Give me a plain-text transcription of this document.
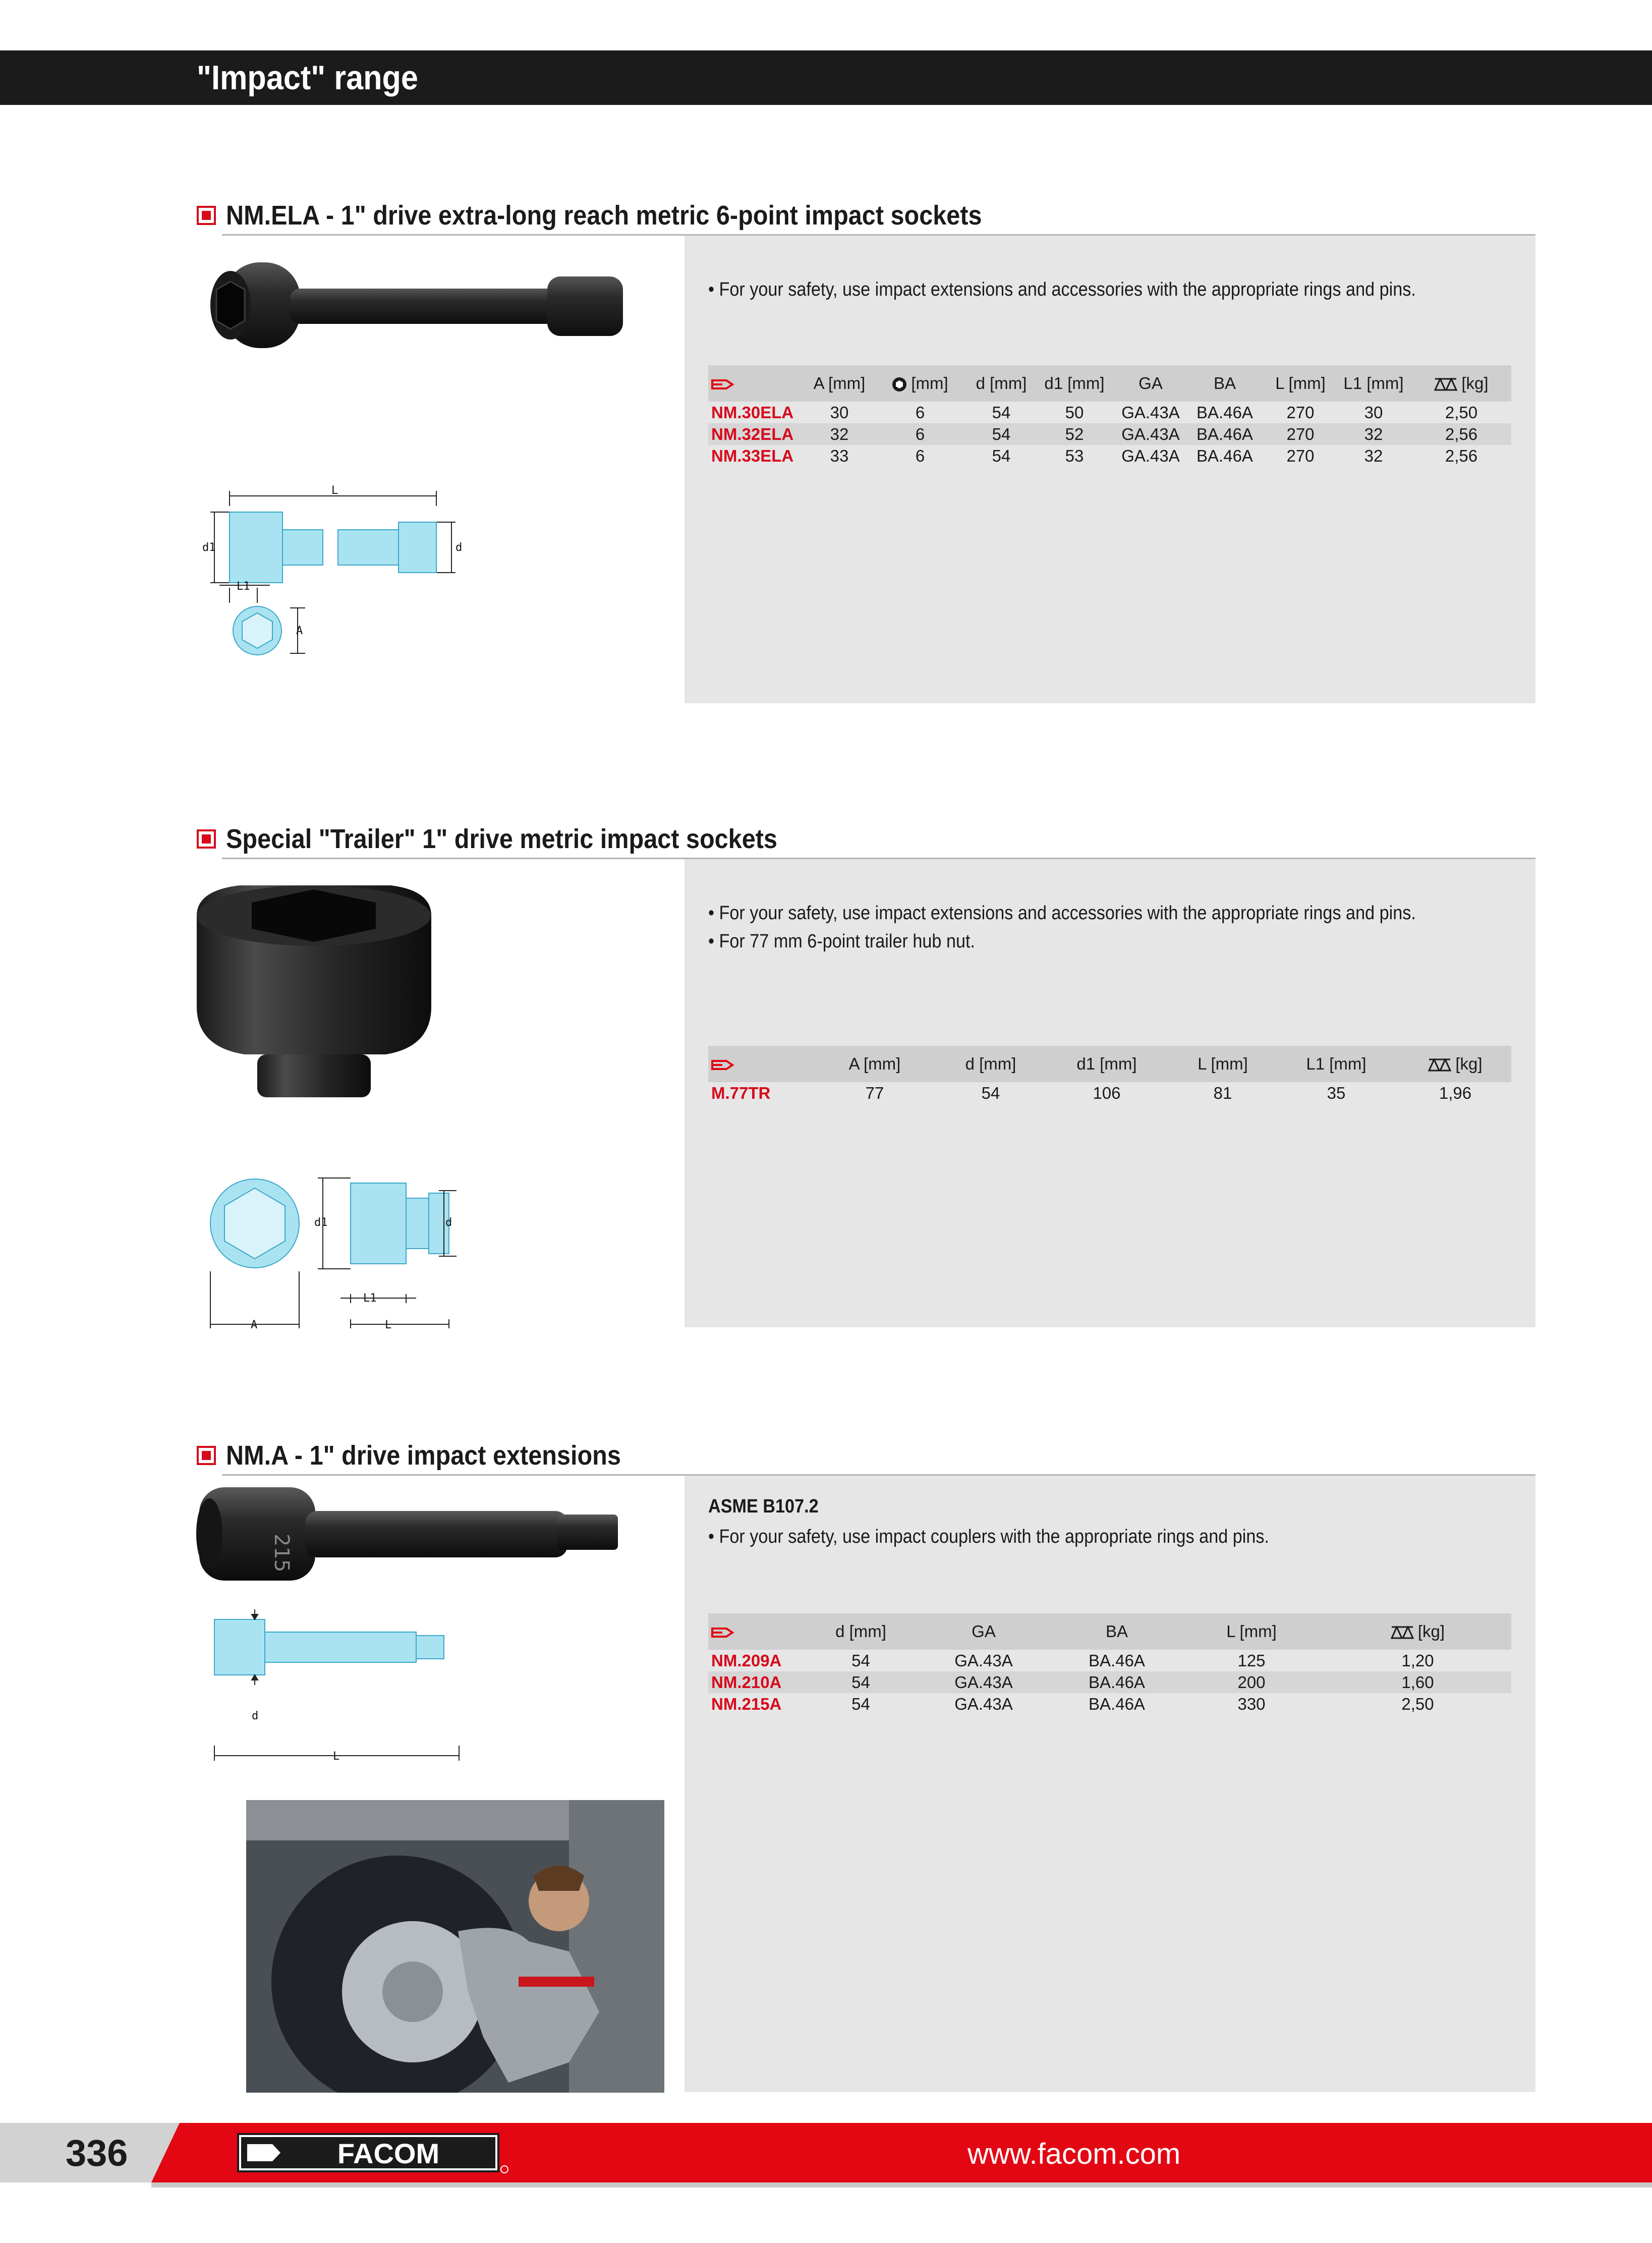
"Impact" range
NM.ELA - 1" drive extra-long reach metric 6-point impact sockets
• For your safety, use impact extensions and accessories with the appropriate rings and pins.
	A [mm]	[mm]	d [mm]	d1 [mm]	GA	BA	L [mm]	L1 [mm]	[kg]
NM.30ELA	30	6	54	50	GA.43A	BA.46A	270	30	2,50
NM.32ELA	32	6	54	52	GA.43A	BA.46A	270	32	2,56
NM.33ELA	33	6	54	53	GA.43A	BA.46A	270	32	2,56
L
d1	d
L1
A
Special "Trailer" 1" drive metric impact sockets
• For your safety, use impact extensions and accessories with the appropriate rings and pins.
• For 77 mm 6-point trailer hub nut.
	A [mm]	d [mm]	d1 [mm]	L [mm]	L1 [mm]	[kg]
M.77TR	77	54	106	81	35	1,96
d1	d
L1
A	L
NM.A - 1" drive impact extensions
ASME B107.2
• For your safety, use impact couplers with the appropriate rings and pins.
	d [mm]	GA	BA	L [mm]	[kg]
NM.209A	54	GA.43A	BA.46A	125	1,20
NM.210A	54	GA.43A	BA.46A	200	1,60
NM.215A	54	GA.43A	BA.46A	330	2,50
215
d
L
336	FACOM	www.facom.com
